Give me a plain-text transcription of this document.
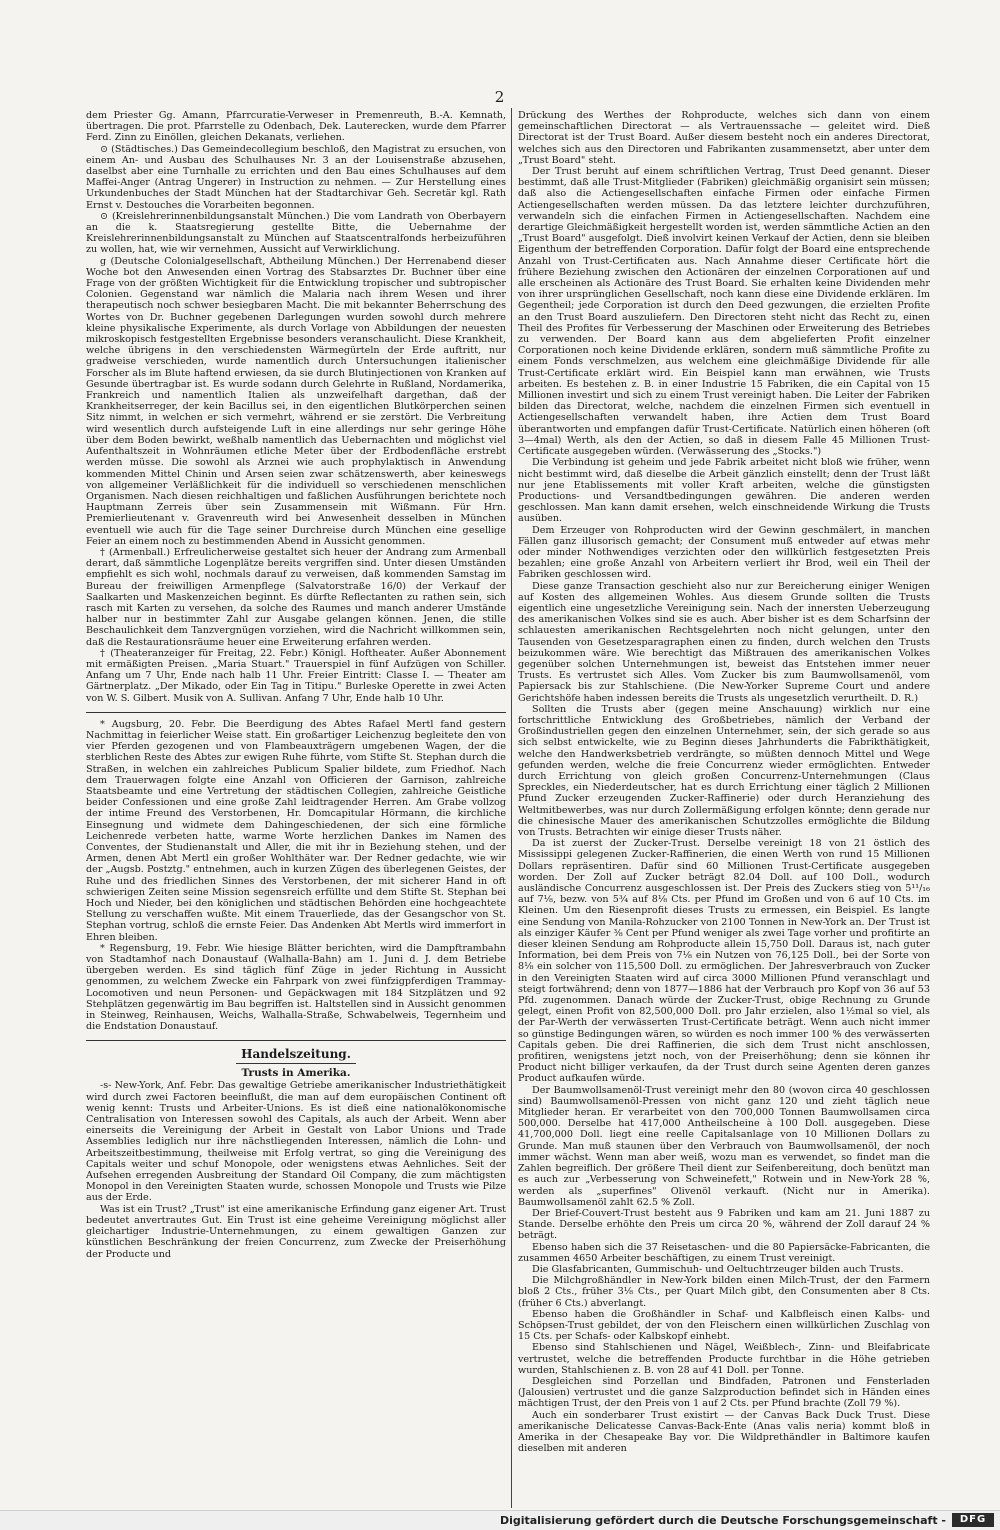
2

dem Priester Gg. Amann, Pfarrcuratie-Verweser in Premenreuth, B.-A. Kemnath, übertragen. Die prot. Pfarrstelle zu Odenbach, Dek. Lauterecken, wurde dem Pfarrer Ferd. Zinn zu Einöllen, gleichen Dekanats, verliehen.

⊙ (Städtisches.) Das Gemeindecollegium beschloß, den Magistrat zu ersuchen, von einem An- und Ausbau des Schulhauses Nr. 3 an der Louisenstraße abzusehen, daselbst aber eine Turnhalle zu errichten und den Bau eines Schulhauses auf dem Maffei-Anger (Antrag Ungerer) in Instruction zu nehmen. — Zur Herstellung eines Urkundenbuches der Stadt München hat der Stadtarchivar Geh. Secretär kgl. Rath Ernst v. Destouches die Vorarbeiten begonnen.

⊙ (Kreislehrerinnenbildungsanstalt München.) Die vom Landrath von Oberbayern an die k. Staatsregierung gestellte Bitte, die Uebernahme der Kreislehrerinnenbildungsanstalt zu München auf Staatscentralfonds herbeizuführen zu wollen, hat, wie wir vernehmen, Aussicht auf Verwirklichung.

g (Deutsche Colonialgesellschaft, Abtheilung München.) Der Herrenabend dieser Woche bot den Anwesenden einen Vortrag des Stabsarztes Dr. Buchner über eine Frage von der größten Wichtigkeit für die Entwicklung tropischer und subtropischer Colonien. Gegenstand war nämlich die Malaria nach ihrem Wesen und ihrer therapeutisch noch schwer besiegbaren Macht. Die mit bekannter Beherrschung des Wortes von Dr. Buchner gegebenen Darlegungen wurden sowohl durch mehrere kleine physikalische Experimente, als durch Vorlage von Abbildungen der neuesten mikroskopisch festgestellten Ergebnisse besonders veranschaulicht. Diese Krankheit, welche übrigens in den verschiedensten Wärmegürteln der Erde auftritt, nur gradweise verschieden, wurde namentlich durch Untersuchungen italienischer Forscher als im Blute haftend erwiesen, da sie durch Blutinjectionen von Kranken auf Gesunde übertragbar ist. Es wurde sodann durch Gelehrte in Rußland, Nordamerika, Frankreich und namentlich Italien als unzweifelhaft dargethan, daß der Krankheitserreger, der kein Bacillus sei, in den eigentlichen Blutkörperchen seinen Sitz nimmt, in welchen er sich vermehrt, während er sie zerstört. Die Verbreitung wird wesentlich durch aufsteigende Luft in eine allerdings nur sehr geringe Höhe über dem Boden bewirkt, weßhalb namentlich das Uebernachten und möglichst viel Aufenthaltszeit in Wohnräumen etliche Meter über der Erdbodenfläche erstrebt werden müsse. Die sowohl als Arznei wie auch prophylaktisch in Anwendung kommenden Mittel Chinin und Arsen seien zwar schätzenswerth, aber keineswegs von allgemeiner Verläßlichkeit für die individuell so verschiedenen menschlichen Organismen. Nach diesen reichhaltigen und faßlichen Ausführungen berichtete noch Hauptmann Zerreis über sein Zusammensein mit Wißmann. Für Hrn. Premierlieutenant v. Gravenreuth wird bei Anwesenheit desselben in München eventuell wie auch für die Tage seiner Durchreise durch München eine gesellige Feier an einem noch zu bestimmenden Abend in Aussicht genommen.

† (Armenball.) Erfreulicherweise gestaltet sich heuer der Andrang zum Armenball derart, daß sämmtliche Logenplätze bereits vergriffen sind. Unter diesen Umständen empfiehlt es sich wohl, nochmals darauf zu verweisen, daß kommenden Samstag im Bureau der freiwilligen Armenpflege (Salvatorstraße 16/0) der Verkauf der Saalkarten und Maskenzeichen beginnt. Es dürfte Reflectanten zu rathen sein, sich rasch mit Karten zu versehen, da solche des Raumes und manch anderer Umstände halber nur in bestimmter Zahl zur Ausgabe gelangen können. Jenen, die stille Beschaulichkeit dem Tanzvergnügen vorziehen, wird die Nachricht willkommen sein, daß die Restaurationsräume heuer eine Erweiterung erfahren werden.

† (Theateranzeiger für Freitag, 22. Febr.) Königl. Hoftheater. Außer Abonnement mit ermäßigten Preisen. „Maria Stuart." Trauerspiel in fünf Aufzügen von Schiller. Anfang um 7 Uhr, Ende nach halb 11 Uhr. Freier Eintritt: Classe I. — Theater am Gärtnerplatz. „Der Mikado, oder Ein Tag in Titipu." Burleske Operette in zwei Acten von W. S. Gilbert. Musik von A. Sullivan. Anfang 7 Uhr, Ende halb 10 Uhr.

* Augsburg, 20. Febr. Die Beerdigung des Abtes Rafael Mertl fand gestern Nachmittag in feierlicher Weise statt. Ein großartiger Leichenzug begleitete den von vier Pferden gezogenen und von Flambeauxträgern umgebenen Wagen, der die sterblichen Reste des Abtes zur ewigen Ruhe führte, vom Stifte St. Stephan durch die Straßen, in welchen ein zahlreiches Publicum Spalier bildete, zum Friedhof. Nach dem Trauerwagen folgte eine Anzahl von Officieren der Garnison, zahlreiche Staatsbeamte und eine Vertretung der städtischen Collegien, zahlreiche Geistliche beider Confessionen und eine große Zahl leidtragender Herren. Am Grabe vollzog der intime Freund des Verstorbenen, Hr. Domcapitular Hörmann, die kirchliche Einsegnung und widmete dem Dahingeschiedenen, der sich eine förmliche Leichenrede verbeten hatte, warme Worte herzlichen Dankes im Namen des Conventes, der Studienanstalt und Aller, die mit ihr in Beziehung stehen, und der Armen, denen Abt Mertl ein großer Wohlthäter war. Der Redner gedachte, wie wir der „Augsb. Postztg." entnehmen, auch in kurzen Zügen des überlegenen Geistes, der Ruhe und des friedlichen Sinnes des Verstorbenen, der mit sicherer Hand in oft schwierigen Zeiten seine Mission segensreich erfüllte und dem Stifte St. Stephan bei Hoch und Nieder, bei den königlichen und städtischen Behörden eine hochgeachtete Stellung zu verschaffen wußte. Mit einem Trauerliede, das der Gesangschor von St. Stephan vortrug, schloß die ernste Feier. Das Andenken Abt Mertls wird immerfort in Ehren bleiben.

* Regensburg, 19. Febr. Wie hiesige Blätter berichten, wird die Dampftrambahn von Stadtamhof nach Donaustauf (Walhalla-Bahn) am 1. Juni d. J. dem Betriebe übergeben werden. Es sind täglich fünf Züge in jeder Richtung in Aussicht genommen, zu welchem Zwecke ein Fahrpark von zwei fünfzigpferdigen Trammay-Locomotiven und neun Personen- und Gepäckwagen mit 184 Sitzplätzen und 92 Stehplätzen gegenwärtig im Bau begriffen ist. Haltstellen sind in Aussicht genommen in Steinweg, Reinhausen, Weichs, Walhalla-Straße, Schwabelweis, Tegernheim und die Endstation Donaustauf.

Handelszeitung.
Trusts in Amerika.

-s- New-York, Anf. Febr. Das gewaltige Getriebe amerikanischer Industriethätigkeit wird durch zwei Factoren beeinflußt, die man auf dem europäischen Continent oft wenig kennt: Trusts und Arbeiter-Unions. Es ist dieß eine nationalökonomische Centralisation von Interessen sowohl des Capitals, als auch der Arbeit. Wenn aber einerseits die Vereinigung der Arbeit in Gestalt von Labor Unions und Trade Assemblies lediglich nur ihre nächstliegenden Interessen, nämlich die Lohn- und Arbeitszeitbestimmung, theilweise mit Erfolg vertrat, so ging die Vereinigung des Capitals weiter und schuf Monopole, oder wenigstens etwas Aehnliches. Seit der Aufsehen erregenden Ausbreitung der Standard Oil Company, die zum mächtigsten Monopol in den Vereinigten Staaten wurde, schossen Monopole und Trusts wie Pilze aus der Erde.

Was ist ein Trust? „Trust" ist eine amerikanische Erfindung ganz eigener Art. Trust bedeutet anvertrautes Gut. Ein Trust ist eine geheime Vereinigung möglichst aller gleichartiger Industrie-Unternehmungen, zu einem gewaltigen Ganzen zur künstlichen Beschränkung der freien Concurrenz, zum Zwecke der Preiserhöhung der Producte und

Drückung des Werthes der Rohproducte, welches sich dann von einem gemeinschaftlichen Directorat — als Vertrauenssache — geleitet wird. Dieß Directorat ist der Trust Board. Außer diesem besteht noch ein anderes Directorat, welches sich aus den Directoren und Fabrikanten zusammensetzt, aber unter dem „Trust Board" steht.

Der Trust beruht auf einem schriftlichen Vertrag, Trust Deed genannt. Dieser bestimmt, daß alle Trust-Mitglieder (Fabriken) gleichmäßig organisirt sein müssen; daß also die Actiengesellschaften einfache Firmen oder einfache Firmen Actiengesellschaften werden müssen. Da das letztere leichter durchzuführen, verwandeln sich die einfachen Firmen in Actiengesellschaften. Nachdem eine derartige Gleichmäßigkeit hergestellt worden ist, werden sämmtliche Actien an den „Trust Board" ausgefolgt. Dieß involvirt keinen Verkauf der Actien, denn sie bleiben Eigenthum der betreffenden Corporation. Dafür folgt der Board eine entsprechende Anzahl von Trust-Certificaten aus. Nach Annahme dieser Certificate hört die frühere Beziehung zwischen den Actionären der einzelnen Corporationen auf und alle erscheinen als Actionäre des Trust Board. Sie erhalten keine Dividenden mehr von ihrer ursprünglichen Gesellschaft, noch kann diese eine Dividende erklären. Im Gegentheil; jede Corporation ist durch den Deed gezwungen, die erzielten Profite an den Trust Board auszuliefern. Den Directoren steht nicht das Recht zu, einen Theil des Profites für Verbesserung der Maschinen oder Erweiterung des Betriebes zu verwenden. Der Board kann aus dem abgelieferten Profit einzelner Corporationen noch keine Dividende erklären, sondern muß sämmtliche Profite zu einem Fonds verschmelzen, aus welchem eine gleichmäßige Dividende für alle Trust-Certificate erklärt wird. Ein Beispiel kann man erwähnen, wie Trusts arbeiten. Es bestehen z. B. in einer Industrie 15 Fabriken, die ein Capital von 15 Millionen investirt und sich zu einem Trust vereinigt haben. Die Leiter der Fabriken bilden das Directorat, welche, nachdem die einzelnen Firmen sich eventuell in Actiengesellschaften verwandelt haben, ihre Actien dem Trust Board überantworten und empfangen dafür Trust-Certificate. Natürlich einen höheren (oft 3—4mal) Werth, als den der Actien, so daß in diesem Falle 45 Millionen Trust-Certificate ausgegeben würden. (Verwässerung des „Stocks.")

Die Verbindung ist geheim und jede Fabrik arbeitet nicht bloß wie früher, wenn nicht bestimmt wird, daß dieselbe die Arbeit gänzlich einstellt; denn der Trust läßt nur jene Etablissements mit voller Kraft arbeiten, welche die günstigsten Productions- und Versandtbedingungen gewähren. Die anderen werden geschlossen. Man kann damit ersehen, welch einschneidende Wirkung die Trusts ausüben.

Dem Erzeuger von Rohproducten wird der Gewinn geschmälert, in manchen Fällen ganz illusorisch gemacht; der Consument muß entweder auf etwas mehr oder minder Nothwendiges verzichten oder den willkürlich festgesetzten Preis bezahlen; eine große Anzahl von Arbeitern verliert ihr Brod, weil ein Theil der Fabriken geschlossen wird.

Diese ganze Transaction geschieht also nur zur Bereicherung einiger Wenigen auf Kosten des allgemeinen Wohles. Aus diesem Grunde sollten die Trusts eigentlich eine ungesetzliche Vereinigung sein. Nach der innersten Ueberzeugung des amerikanischen Volkes sind sie es auch. Aber bisher ist es dem Scharfsinn der schlauesten amerikanischen Rechtsgelehrten noch nicht gelungen, unter den Tausenden von Gesetzesparagraphen einen zu finden, durch welchen den Trusts beizukommen wäre. Wie berechtigt das Mißtrauen des amerikanischen Volkes gegenüber solchen Unternehmungen ist, beweist das Entstehen immer neuer Trusts. Es vertrustet sich Alles. Vom Zucker bis zum Baumwollsamenöl, vom Papiersack bis zur Stahlschiene. (Die New-Yorker Supreme Court und andere Gerichtshöfe haben indessen bereits die Trusts als ungesetzlich verurtheilt. D. R.)

Sollten die Trusts aber (gegen meine Anschauung) wirklich nur eine fortschrittliche Entwicklung des Großbetriebes, nämlich der Verband der Großindustriellen gegen den einzelnen Unternehmer, sein, der sich gerade so aus sich selbst entwickelte, wie zu Beginn dieses Jahrhunderts die Fabrikthätigkeit, welche den Handwerksbetrieb verdrängte, so müßten dennoch Mittel und Wege gefunden werden, welche die freie Concurrenz wieder ermöglichten. Entweder durch Errichtung von gleich großen Concurrenz-Unternehmungen (Claus Spreckles, ein Niederdeutscher, hat es durch Errichtung einer täglich 2 Millionen Pfund Zucker erzeugenden Zucker-Raffinerie) oder durch Heranziehung des Weltmitbewerbes, was nur durch Zollermäßigung erfolgen könnte; denn gerade nur die chinesische Mauer des amerikanischen Schutzzolles ermöglichte die Bildung von Trusts. Betrachten wir einige dieser Trusts näher.

Da ist zuerst der Zucker-Trust. Derselbe vereinigt 18 von 21 östlich des Mississippi gelegenen Zucker-Raffinerien, die einen Werth von rund 15 Millionen Dollars repräsentiren. Dafür sind 60 Millionen Trust-Certificate ausgegeben worden. Der Zoll auf Zucker beträgt 82.04 Doll. auf 100 Doll., wodurch ausländische Concurrenz ausgeschlossen ist. Der Preis des Zuckers stieg von 5¹¹/₁₆ auf 7⅛, bezw. von 5¾ auf 8⅛ Cts. per Pfund im Großen und von 6 auf 10 Cts. im Kleinen. Um den Riesenprofit dieses Trusts zu ermessen, ein Beispiel. Es langte eine Sendung von Manila-Rohzucker von 2100 Tonnen in New-York an. Der Trust ist als einziger Käufer ⅜ Cent per Pfund weniger als zwei Tage vorher und profitirte an dieser kleinen Sendung am Rohproducte allein 15,750 Doll. Daraus ist, nach guter Information, bei dem Preis von 7⅛ ein Nutzen von 76,125 Doll., bei der Sorte von 8⅛ ein solcher von 115,500 Doll. zu ermöglichen. Der Jahresverbrauch von Zucker in den Vereinigten Staaten wird auf circa 3000 Millionen Pfund veranschlagt und steigt fortwährend; denn von 1877—1886 hat der Verbrauch pro Kopf von 36 auf 53 Pfd. zugenommen. Danach würde der Zucker-Trust, obige Rechnung zu Grunde gelegt, einen Profit von 82,500,000 Doll. pro Jahr erzielen, also 1½mal so viel, als der Par-Werth der verwässerten Trust-Certificate beträgt. Wenn auch nicht immer so günstige Bedingungen wären, so würden es noch immer 100 % des verwässerten Capitals geben. Die drei Raffinerien, die sich dem Trust nicht anschlossen, profitiren, wenigstens jetzt noch, von der Preiserhöhung; denn sie können ihr Product nicht billiger verkaufen, da der Trust durch seine Agenten deren ganzes Product aufkaufen würde.

Der Baumwollsamenöl-Trust vereinigt mehr den 80 (wovon circa 40 geschlossen sind) Baumwollsamenöl-Pressen von nicht ganz 120 und zieht täglich neue Mitglieder heran. Er verarbeitet von den 700,000 Tonnen Baumwollsamen circa 500,000. Derselbe hat 417,000 Antheilscheine à 100 Doll. ausgegeben. Diese 41,700,000 Doll. liegt eine reelle Capitalsanlage von 10 Millionen Dollars zu Grunde. Man muß staunen über den Verbrauch von Baumwollsamenöl, der noch immer wächst. Wenn man aber weiß, wozu man es verwendet, so findet man die Zahlen begreiflich. Der größere Theil dient zur Seifenbereitung, doch benützt man es auch zur „Verbesserung von Schweinefett," Rotwein und in New-York 28 %, werden als „superfines" Olivenöl verkauft. (Nicht nur in Amerika). Baumwollsamenöl zahlt 62.5 % Zoll.

Der Brief-Couvert-Trust besteht aus 9 Fabriken und kam am 21. Juni 1887 zu Stande. Derselbe erhöhte den Preis um circa 20 %, während der Zoll darauf 24 % beträgt.

Ebenso haben sich die 37 Reisetaschen- und die 80 Papiersäcke-Fabricanten, die zusammen 4650 Arbeiter beschäftigen, zu einem Trust vereinigt.

Die Glasfabricanten, Gummischuh- und Oeltuchtrzeuger bilden auch Trusts.

Die Milchgroßhändler in New-York bilden einen Milch-Trust, der den Farmern bloß 2 Cts., früher 3⅛ Cts., per Quart Milch gibt, den Consumenten aber 8 Cts. (früher 6 Cts.) abverlangt.

Ebenso haben die Großhändler in Schaf- und Kalbfleisch einen Kalbs- und Schöpsen-Trust gebildet, der von den Fleischern einen willkürlichen Zuschlag von 15 Cts. per Schafs- oder Kalbskopf einhebt.

Ebenso sind Stahlschienen und Nägel, Weißblech-, Zinn- und Bleifabricate vertrustet, welche die betreffenden Producte furchtbar in die Höhe getrieben wurden, Stahlschienen z. B. von 28 auf 41 Doll. per Tonne.

Desgleichen sind Porzellan und Bindfaden, Patronen und Fensterladen (Jalousien) vertrustet und die ganze Salzproduction befindet sich in Händen eines mächtigen Trust, der den Preis von 1 auf 2 Cts. per Pfund brachte (Zoll 79 %).

Auch ein sonderbarer Trust existirt — der Canvas Back Duck Trust. Diese amerikanische Delicatesse Canvas-Back-Ente (Anas valis neria) kommt bloß in Amerika in der Chesapeake Bay vor. Die Wildprethändler in Baltimore kaufen dieselben mit anderen

Digitalisierung gefördert durch die Deutsche Forschungsgemeinschaft -	DFG
